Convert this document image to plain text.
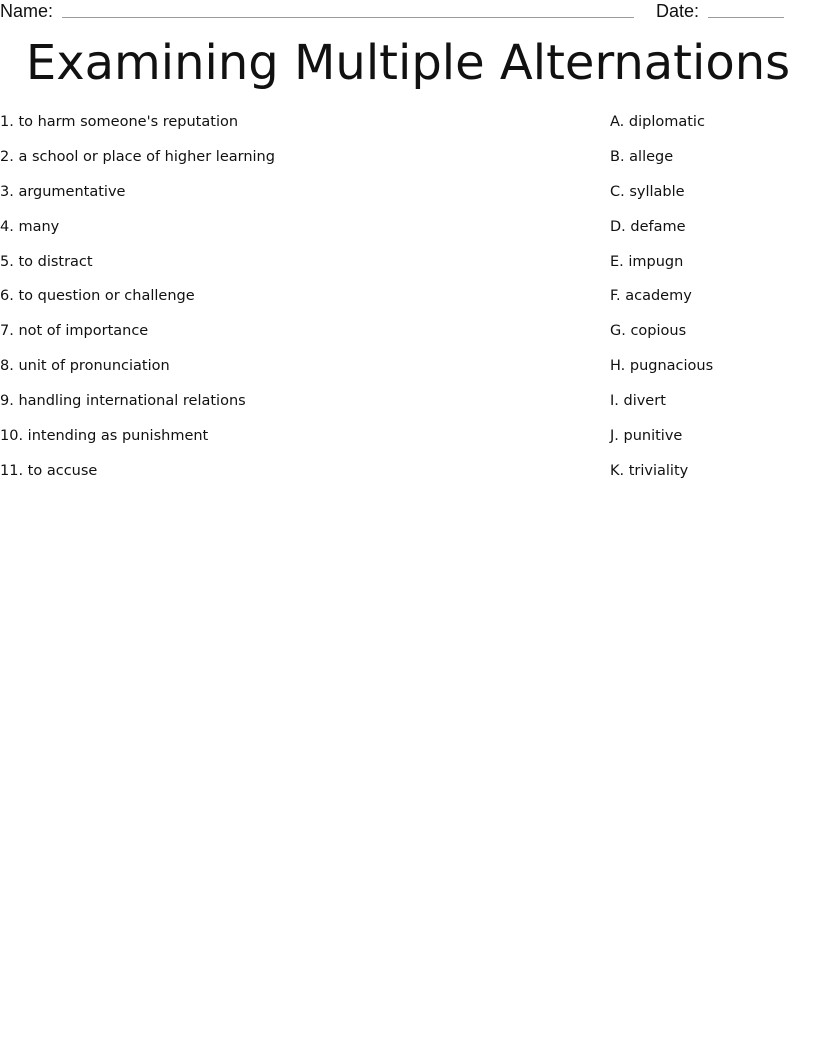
Name:	Date:
Examining Multiple Alternations
1. to harm someone's reputation
2. a school or place of higher learning
3. argumentative
4. many
5. to distract
6. to question or challenge
7. not of importance
8. unit of pronunciation
9. handling international relations
10. intending as punishment
11. to accuse
A. diplomatic
B. allege
C. syllable
D. defame
E. impugn
F. academy
G. copious
H. pugnacious
I. divert
J. punitive
K. triviality
